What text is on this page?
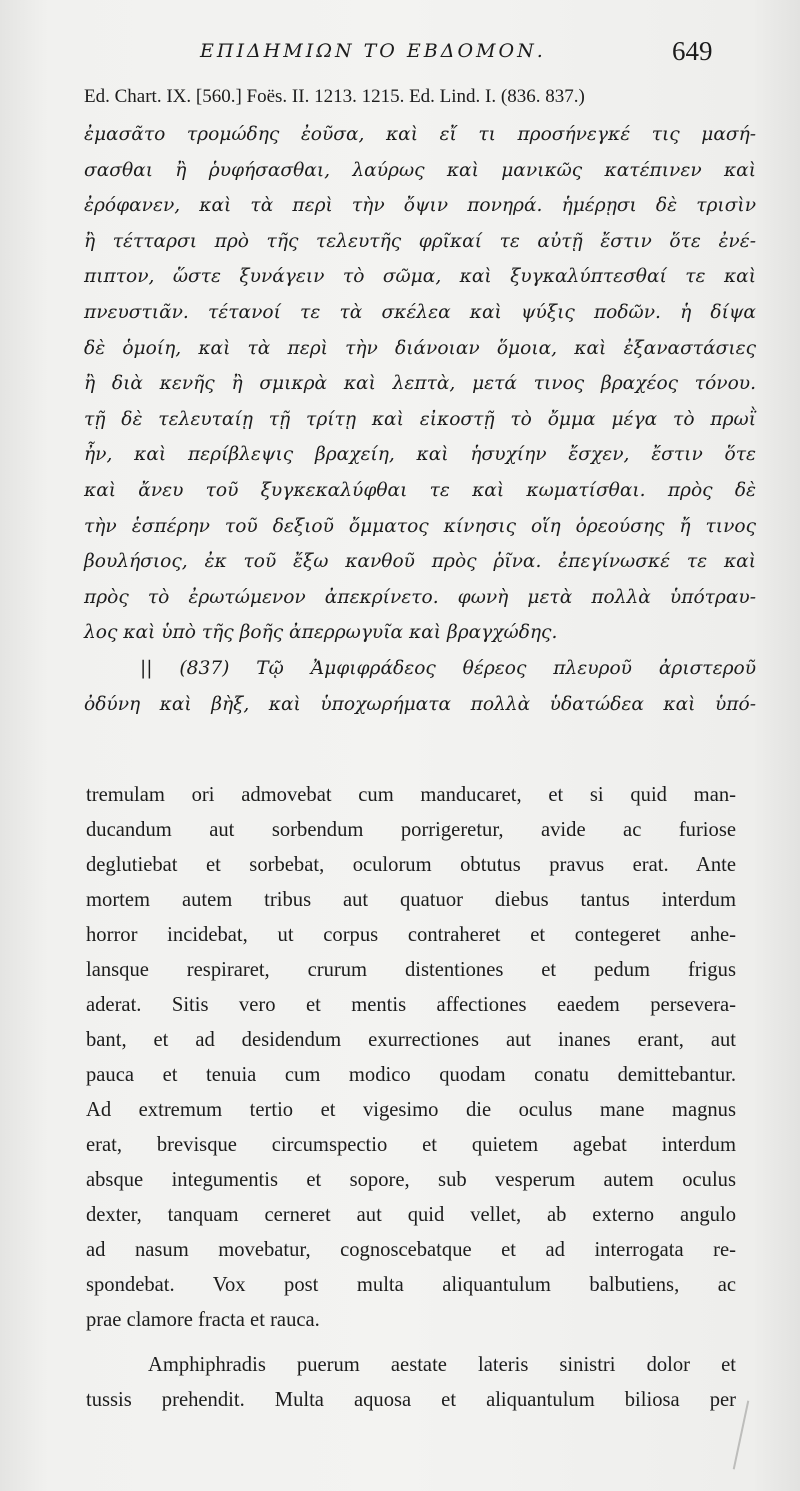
ΕΠΙΔΗΜΙΩΝ ΤΟ ΕΒΔΟΜΟΝ.	649
Ed. Chart. IX. [560.] Foës. II. 1213. 1215. Ed. Lind. I. (836. 837.)
ἐμασᾶτο τρομώδης ἐοῦσα, καὶ εἴ τι προσήνεγκέ τις μασή-
σασθαι ἢ ῥυφήσασθαι, λαύρως καὶ μανικῶς κατέπινεν καὶ
ἐρόφανεν, καὶ τὰ περὶ τὴν ὄψιν πονηρά. ἡμέρῃσι δὲ τρισὶν
ἢ τέτταρσι πρὸ τῆς τελευτῆς φρῖκαί τε αὐτῇ ἔστιν ὅτε ἐνέ-
πιπτον, ὥστε ξυνάγειν τὸ σῶμα, καὶ ξυγκαλύπτεσθαί τε καὶ
πνευστιᾶν. τέτανοί τε τὰ σκέλεα καὶ ψύξις ποδῶν. ἡ δίψα
δὲ ὁμοίη, καὶ τὰ περὶ τὴν διάνοιαν ὅμοια, καὶ ἐξαναστάσιες
ἢ διὰ κενῆς ἢ σμικρὰ καὶ λεπτὰ, μετά τινος βραχέος τόνου.
τῇ δὲ τελευταίῃ τῇ τρίτῃ καὶ εἰκοστῇ τὸ ὄμμα μέγα τὸ πρωῒ
ἦν, καὶ περίβλεψις βραχείη, καὶ ἡσυχίην ἔσχεν, ἔστιν ὅτε
καὶ ἄνευ τοῦ ξυγκεκαλύφθαι τε καὶ κωματίσθαι. πρὸς δὲ
τὴν ἑσπέρην τοῦ δεξιοῦ ὄμματος κίνησις οἵη ὁρεούσης ἤ τινος
βουλήσιος, ἐκ τοῦ ἔξω κανθοῦ πρὸς ῥῖνα. ἐπεγίνωσκέ τε καὶ
πρὸς τὸ ἐρωτώμενον ἀπεκρίνετο. φωνὴ μετὰ πολλὰ ὑπότραυ-
λος καὶ ὑπὸ τῆς βοῆς ἀπερρωγυῖα καὶ βραγχώδης.
|| (837) Τῷ Ἀμφιφράδεος θέρεος πλευροῦ ἀριστεροῦ
ὀδύνη καὶ βὴξ, καὶ ὑποχωρήματα πολλὰ ὑδατώδεα καὶ ὑπό-
tremulam ori admovebat cum manducaret, et si quid man-
ducandum aut sorbendum porrigeretur, avide ac furiose
deglutiebat et sorbebat, oculorum obtutus pravus erat. Ante
mortem autem tribus aut quatuor diebus tantus interdum
horror incidebat, ut corpus contraheret et contegeret anhe-
lansque respiraret, crurum distentiones et pedum frigus
aderat. Sitis vero et mentis affectiones eaedem persevera-
bant, et ad desidendum exurrectiones aut inanes erant, aut
pauca et tenuia cum modico quodam conatu demittebantur.
Ad extremum tertio et vigesimo die oculus mane magnus
erat, brevisque circumspectio et quietem agebat interdum
absque integumentis et sopore, sub vesperum autem oculus
dexter, tanquam cerneret aut quid vellet, ab externo angulo
ad nasum movebatur, cognoscebatque et ad interrogata re-
spondebat. Vox post multa aliquantulum balbutiens, ac
prae clamore fracta et rauca.
Amphiphradis puerum aestate lateris sinistri dolor et
tussis prehendit. Multa aquosa et aliquantulum biliosa per
